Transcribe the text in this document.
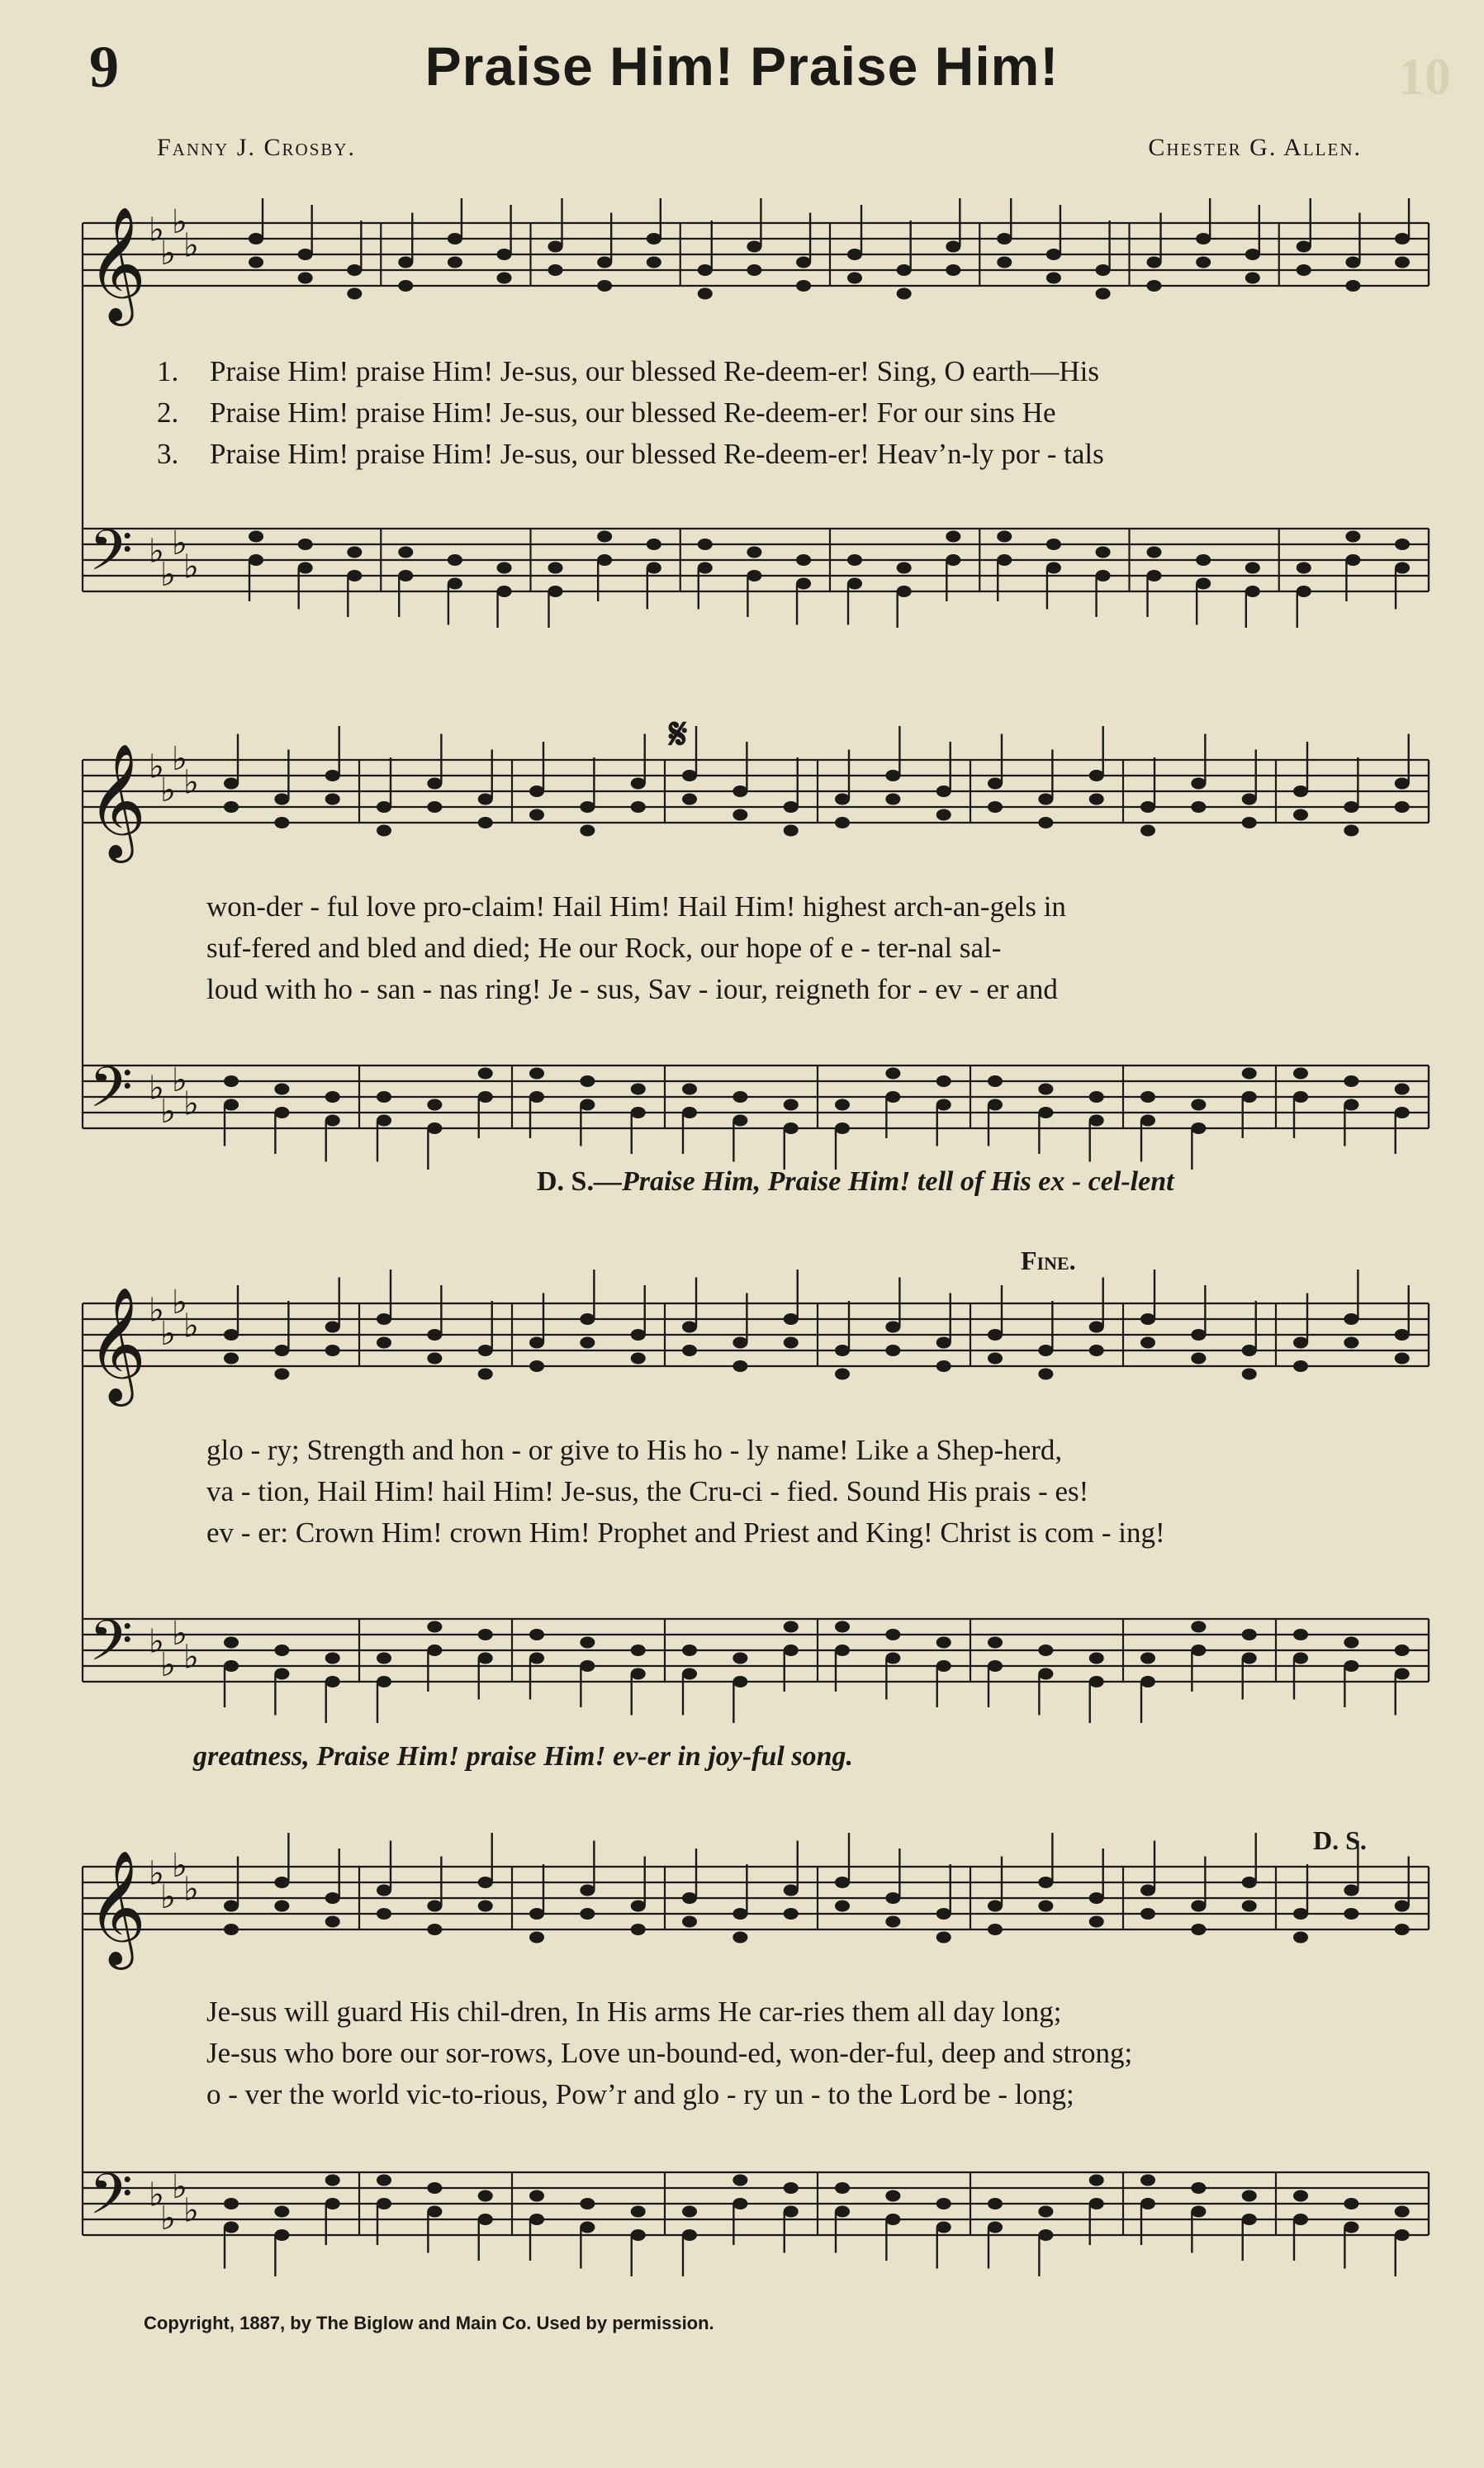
9	Praise Him! Praise Him!	10
Fanny J. Crosby.	Chester G. Allen.
𝄞
𝄢
♭
♭
♭
♭
♭
♭
♭
♭
1. Praise Him! praise Him! Je-sus, our blessed Re-deem-er! Sing, O earth—His
2. Praise Him! praise Him! Je-sus, our blessed Re-deem-er! For our sins He
3. Praise Him! praise Him! Je-sus, our blessed Re-deem-er! Heav’n-ly por - tals
𝄞
𝄢
♭
♭
♭
♭
♭
♭
♭
♭
𝄋
won-der - ful love pro-claim! Hail Him! Hail Him! highest arch-an-gels in
suf-fered and bled and died; He our Rock, our hope of e - ter-nal sal-
loud with ho - san - nas ring! Je - sus, Sav - iour, reigneth for - ev - er and
D. S.—Praise Him, Praise Him! tell of His ex - cel-lent
𝄞
𝄢
♭
♭
♭
♭
♭
♭
♭
♭
Fine.
glo - ry; Strength and hon - or give to His ho - ly name! Like a Shep-herd,
va - tion, Hail Him! hail Him! Je-sus, the Cru-ci - fied. Sound His prais - es!
ev - er: Crown Him! crown Him! Prophet and Priest and King! Christ is com - ing!
greatness, Praise Him! praise Him! ev-er in joy-ful song.
𝄞
𝄢
♭
♭
♭
♭
♭
♭
♭
♭
D. S.
Je-sus will guard His chil-dren, In His arms He car-ries them all day long;
Je-sus who bore our sor-rows, Love un-bound-ed, won-der-ful, deep and strong;
o - ver the world vic-to-rious, Pow’r and glo - ry un - to the Lord be - long;
Copyright, 1887, by The Biglow and Main Co. Used by permission.
